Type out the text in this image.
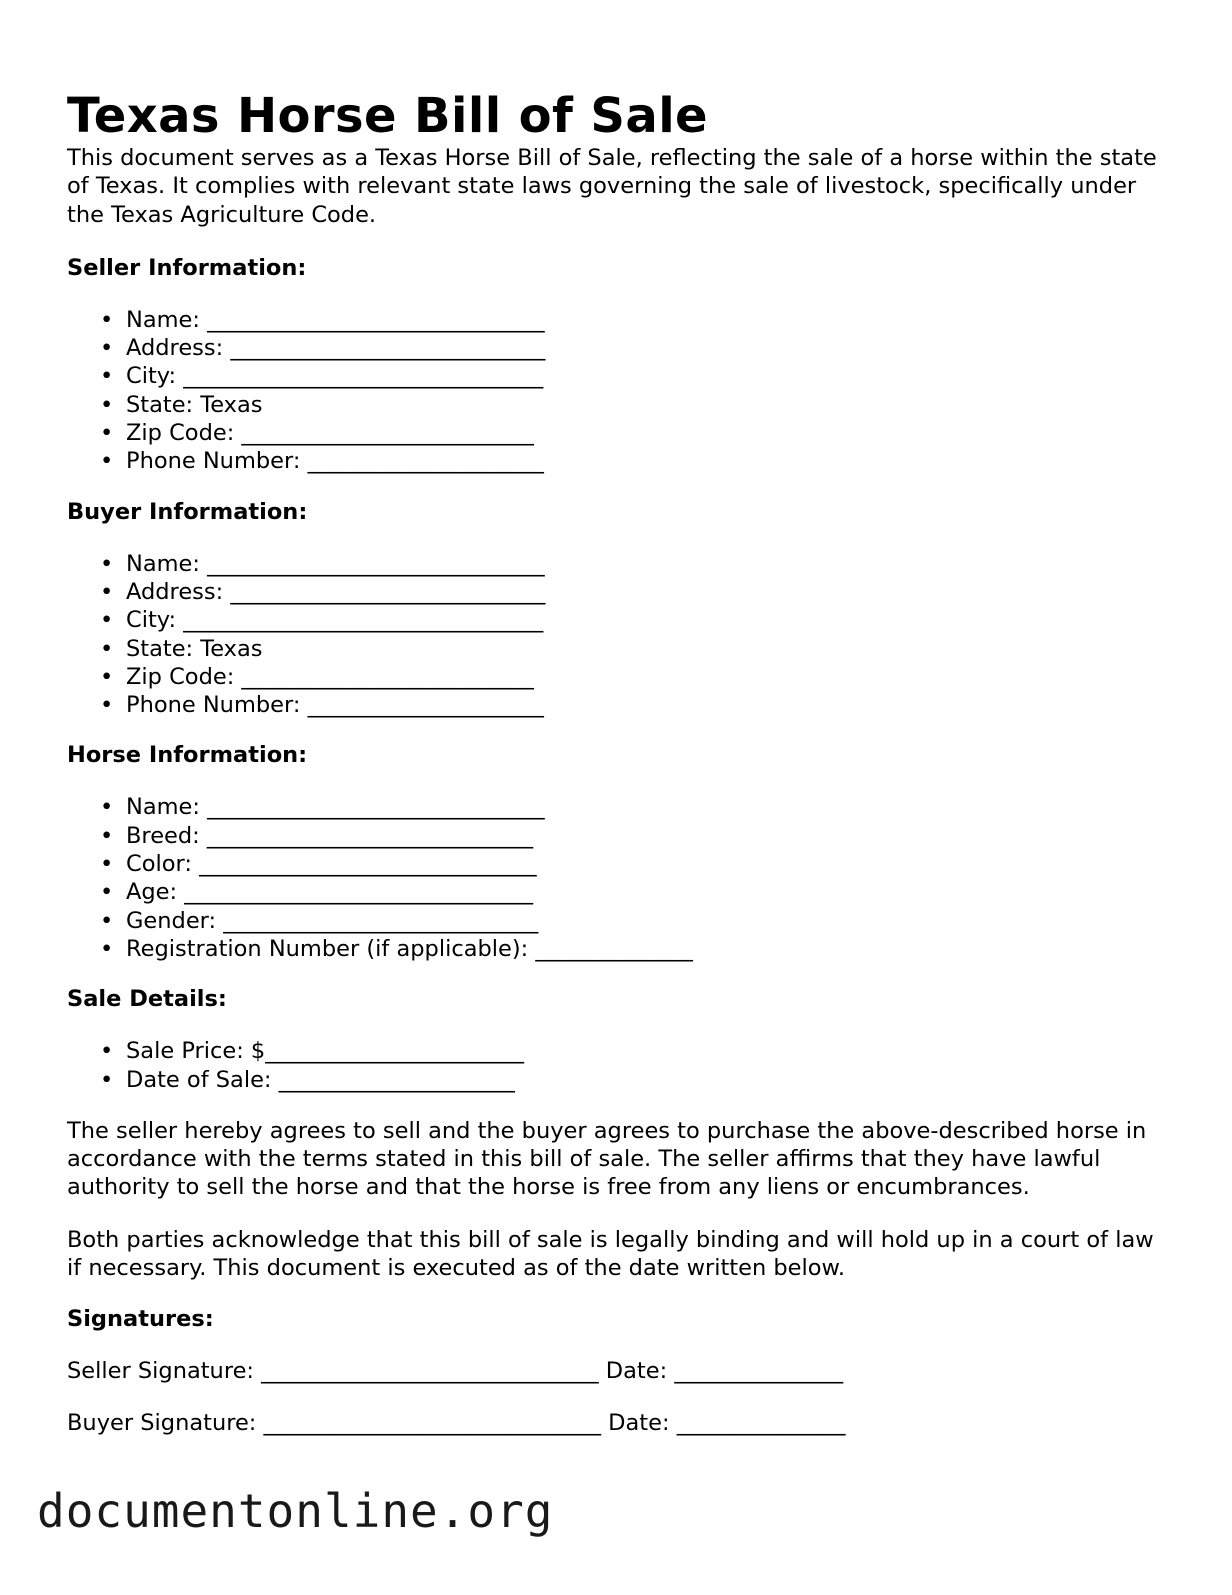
Texas Horse Bill of Sale

This document serves as a Texas Horse Bill of Sale, reflecting the sale of a horse within the state of Texas. It complies with relevant state laws governing the sale of livestock, specifically under the Texas Agriculture Code.

Seller Information:
• Name: ______________________________
• Address: ____________________________
• City: ________________________________
• State: Texas
• Zip Code: __________________________
• Phone Number: _____________________
Buyer Information:
• Name: ______________________________
• Address: ____________________________
• City: ________________________________
• State: Texas
• Zip Code: __________________________
• Phone Number: _____________________
Horse Information:
• Name: ______________________________
• Breed: _____________________________
• Color: ______________________________
• Age: _______________________________
• Gender: ____________________________
• Registration Number (if applicable): ______________
Sale Details:
• Sale Price: $_______________________
• Date of Sale: _____________________

The seller hereby agrees to sell and the buyer agrees to purchase the above-described horse in accordance with the terms stated in this bill of sale. The seller affirms that they have lawful authority to sell the horse and that the horse is free from any liens or encumbrances.

Both parties acknowledge that this bill of sale is legally binding and will hold up in a court of law if necessary. This document is executed as of the date written below.

Signatures:
Seller Signature: ______________________________ Date: _______________
Buyer Signature: ______________________________ Date: _______________
documentonline.org
